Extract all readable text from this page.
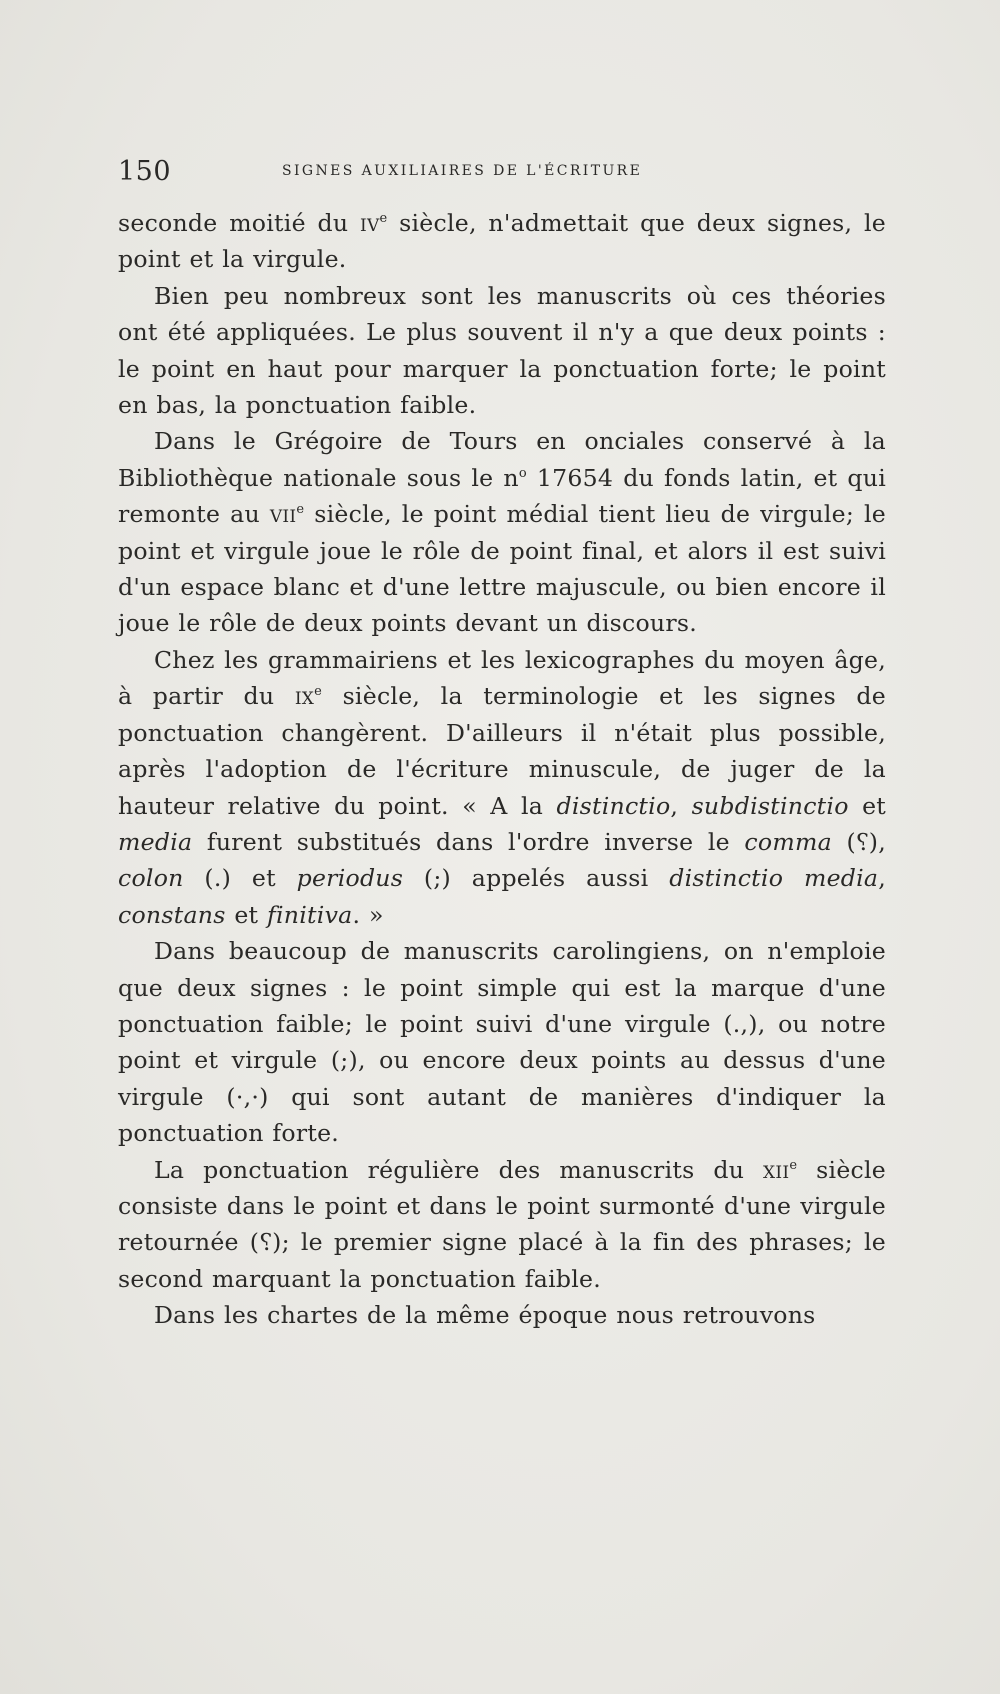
150	SIGNES AUXILIAIRES DE L'ÉCRITURE

seconde moitié du $iv^e$ siècle, n'admettait que deux signes, le point et la virgule.

Bien peu nombreux sont les manuscrits où ces théories ont été appliquées. Le plus souvent il n'y a que deux points : le point en haut pour marquer la ponctuation forte; le point en bas, la ponctuation faible.

Dans le Grégoire de Tours en onciales conservé à la Bibliothèque nationale sous le $n^o$ 17654 du fonds latin, et qui remonte au vii$^e$ siècle, le point médial tient lieu de virgule; le point et virgule joue le rôle de point final, et alors il est suivi d'un espace blanc et d'une lettre majuscule, ou bien encore il joue le rôle de deux points devant un discours.

Chez les grammairiens et les lexicographes du moyen âge, à partir du $ix^e$ siècle, la terminologie et les signes de ponctuation changèrent. D'ailleurs il n'était plus possible, après l'adoption de l'écriture minuscule, de juger de la hauteur relative du point. « A la distinctio, subdistinctio et media furent substitués dans l'ordre inverse le comma (⸮), colon (.) et periodus (;) appelés aussi distinctio media, constans et finitiva. »

Dans beaucoup de manuscrits carolingiens, on n'emploie que deux signes : le point simple qui est la marque d'une ponctuation faible; le point suivi d'une virgule (.,), ou notre point et virgule (;), ou encore deux points au dessus d'une virgule (·,·) qui sont autant de manières d'indiquer la ponctuation forte.

La ponctuation régulière des manuscrits du xii$^e$ siècle consiste dans le point et dans le point surmonté d'une virgule retournée (⸮); le premier signe placé à la fin des phrases; le second marquant la ponctuation faible.

Dans les chartes de la même époque nous retrouvons
